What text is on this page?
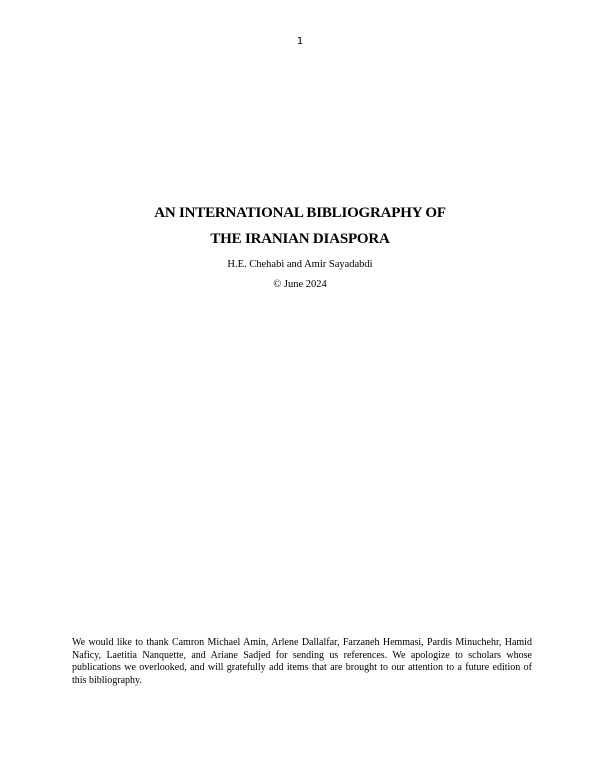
1
AN INTERNATIONAL BIBLIOGRAPHY OF
THE IRANIAN DIASPORA
H.E. Chehabi and Amir Sayadabdi
© June 2024
We would like to thank Camron Michael Amin, Arlene Dallalfar, Farzaneh Hemmasi, Pardis Minuchehr, Hamid Naficy, Laetitia Nanquette, and Ariane Sadjed for sending us references. We apologize to scholars whose publications we overlooked, and will gratefully add items that are brought to our attention to a future edition of this bibliography.
